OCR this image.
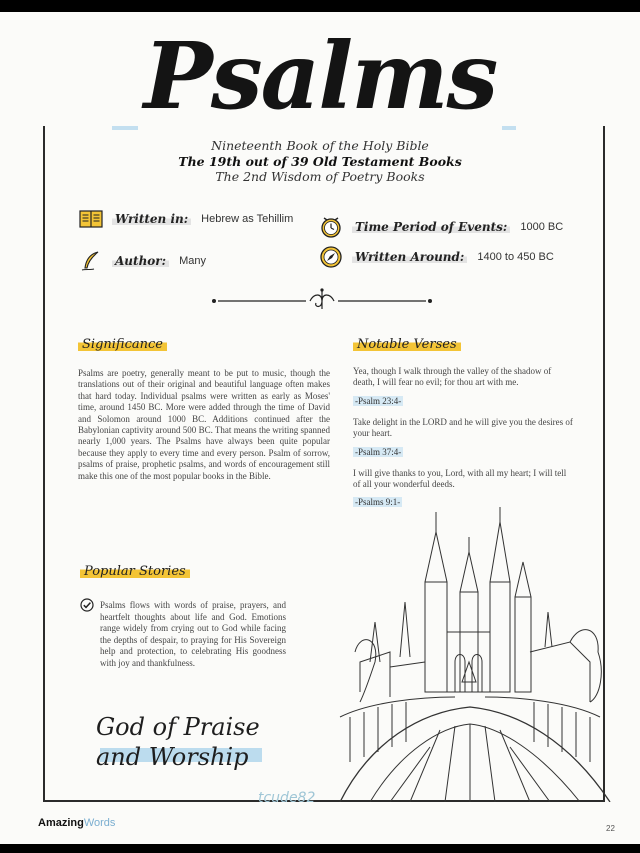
Psalms
Nineteenth Book of the Holy Bible
The 19th out of 39 Old Testament Books
The 2nd Wisdom of Poetry Books
Written in: Hebrew as Tehillim
Author: Many
Time Period of Events: 1000 BC
Written Around: 1400 to 450 BC
Significance
Psalms are poetry, generally meant to be put to music, though the translations out of their original and beautiful language often makes that hard today. Individual psalms were written as early as Moses' time, around 1450 BC. More were added through the time of David and Solomon around 1000 BC. Additions continued after the Babylonian captivity around 500 BC. That means the writing spanned nearly 1,000 years. The Psalms have always been quite popular because they apply to every time and every person. Psalm of sorrow, psalms of praise, prophetic psalms, and words of encouragement still make this one of the most popular books in the Bible.
Notable Verses
Yea, though I walk through the valley of the shadow of death, I will fear no evil; for thou art with me.
-Psalm 23:4-
Take delight in the LORD and he will give you the desires of your heart.
-Psalm 37:4-
I will give thanks to you, Lord, with all my heart; I will tell of all your wonderful deeds.
-Psalms 9:1-
Popular Stories
Psalms flows with words of praise, prayers, and heartfelt thoughts about life and God. Emotions range widely from crying out to God while facing the depths of despair, to praying for His Sovereign help and protection, to celebrating His goodness with joy and thankfulness.
God of Praise
and Worship
tcude82
AmazingWords	22
